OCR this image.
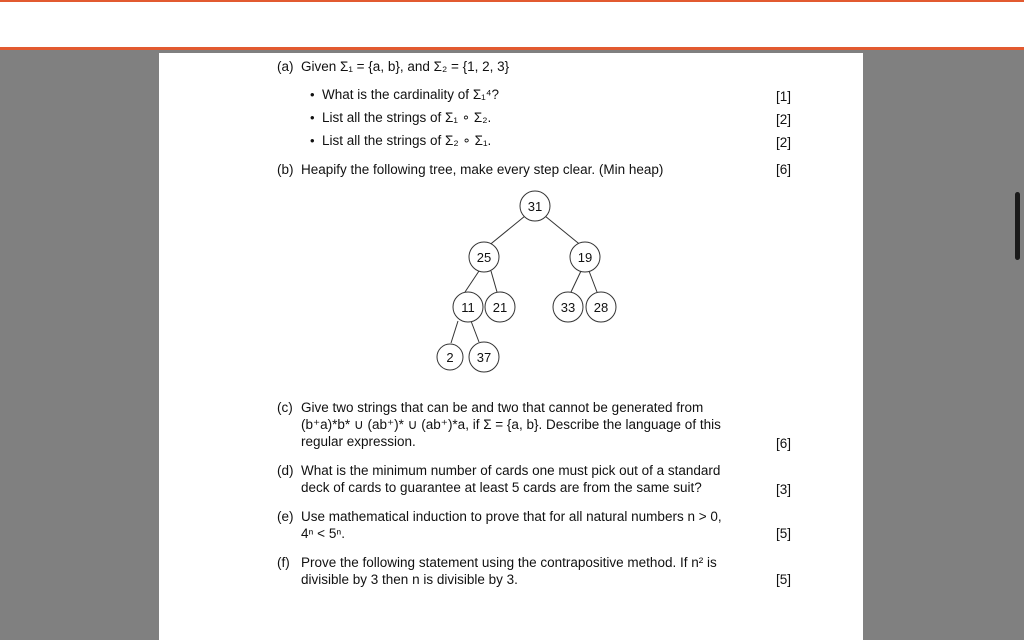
(a) Given Σ₁ = {a, b}, and Σ₂ = {1, 2, 3}
• What is the cardinality of Σ₁⁴?	[1]
• List all the strings of Σ₁ ∘ Σ₂.	[2]
• List all the strings of Σ₂ ∘ Σ₁.	[2]
(b) Heapify the following tree, make every step clear. (Min heap)	[6]
31
25	19
11 21	33 28
2 37
(c) Give two strings that can be and two that cannot be generated from
(b⁺a)*b* ∪ (ab⁺)* ∪ (ab⁺)*a, if Σ = {a, b}. Describe the language of this
regular expression.	[6]
(d) What is the minimum number of cards one must pick out of a standard
deck of cards to guarantee at least 5 cards are from the same suit?	[3]
(e) Use mathematical induction to prove that for all natural numbers n > 0,
4ⁿ < 5ⁿ.	[5]
(f) Prove the following statement using the contrapositive method. If n² is
divisible by 3 then n is divisible by 3.	[5]
